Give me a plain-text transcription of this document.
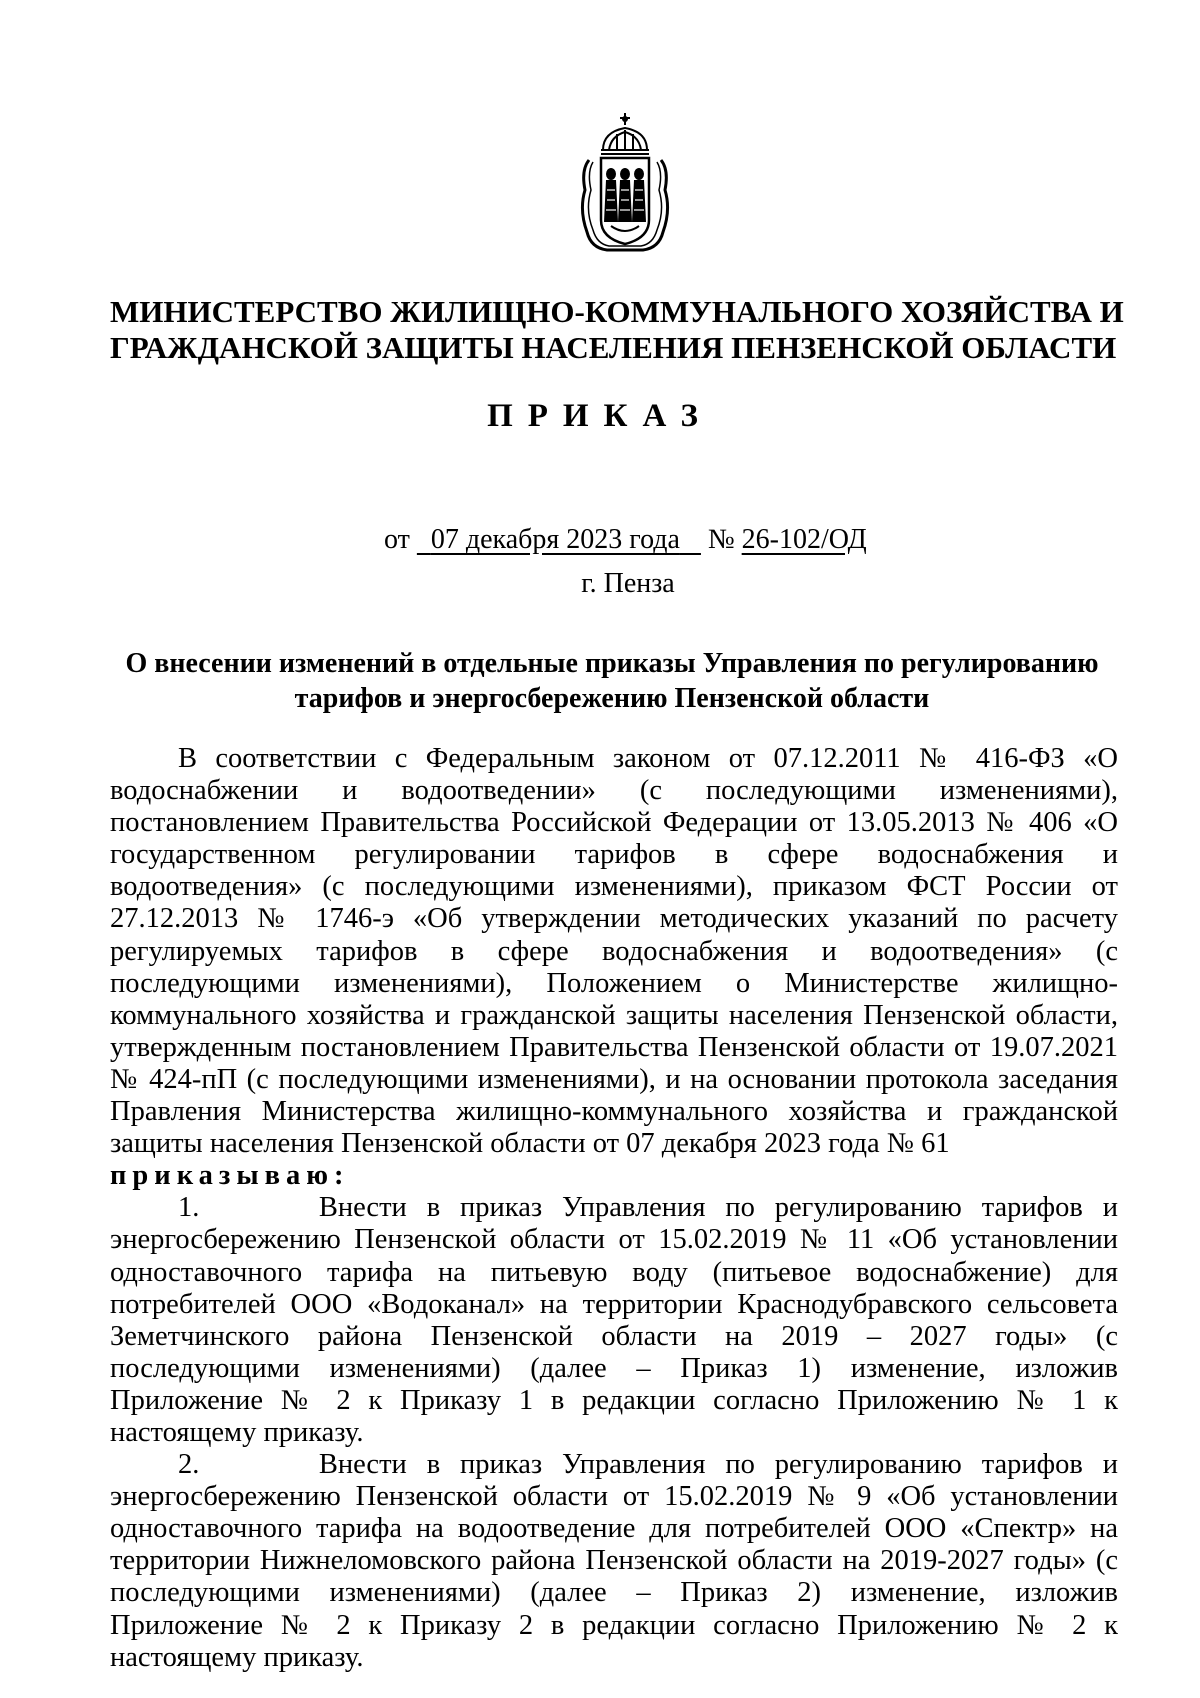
МИНИСТЕРСТВО ЖИЛИЩНО-КОММУНАЛЬНОГО ХОЗЯЙСТВА И
ГРАЖДАНСКОЙ ЗАЩИТЫ НАСЕЛЕНИЯ ПЕНЗЕНСКОЙ ОБЛАСТИ
ПРИКАЗ
от 07 декабря 2023 года № 26-102/ОД
г. Пенза
О внесении изменений в отдельные приказы Управления по регулированию
тарифов и энергосбережению Пензенской области

В соответствии с Федеральным законом от 07.12.2011 № 416-ФЗ «О водоснабжении и водоотведении» (с последующими изменениями), постановлением Правительства Российской Федерации от 13.05.2013 № 406 «О государственном регулировании тарифов в сфере водоснабжения и водоотведения» (с последующими изменениями), приказом ФСТ России от 27.12.2013 № 1746-э «Об утверждении методических указаний по расчету регулируемых тарифов в сфере водоснабжения и водоотведения» (с последующими изменениями), Положением о Министерстве жилищно-коммунального хозяйства и гражданской защиты населения Пензенской области, утвержденным постановлением Правительства Пензенской области от 19.07.2021 № 424-пП (с последующими изменениями), и на основании протокола заседания Правления Министерства жилищно-коммунального хозяйства и гражданской защиты населения Пензенской области от 07 декабря 2023 года № 61

приказываю:

1.	Внести в приказ Управления по регулированию тарифов и энергосбережению Пензенской области от 15.02.2019 № 11 «Об установлении одноставочного тарифа на питьевую воду (питьевое водоснабжение) для потребителей ООО «Водоканал» на территории Краснодубравского сельсовета Земетчинского района Пензенской области на 2019 – 2027 годы» (с последующими изменениями) (далее – Приказ 1) изменение, изложив Приложение № 2 к Приказу 1 в редакции согласно Приложению № 1 к настоящему приказу.

2.	Внести в приказ Управления по регулированию тарифов и энергосбережению Пензенской области от 15.02.2019 № 9 «Об установлении одноставочного тарифа на водоотведение для потребителей ООО «Спектр» на территории Нижнеломовского района Пензенской области на 2019-2027 годы» (с последующими изменениями) (далее – Приказ 2) изменение, изложив Приложение № 2 к Приказу 2 в редакции согласно Приложению № 2 к настоящему приказу.
